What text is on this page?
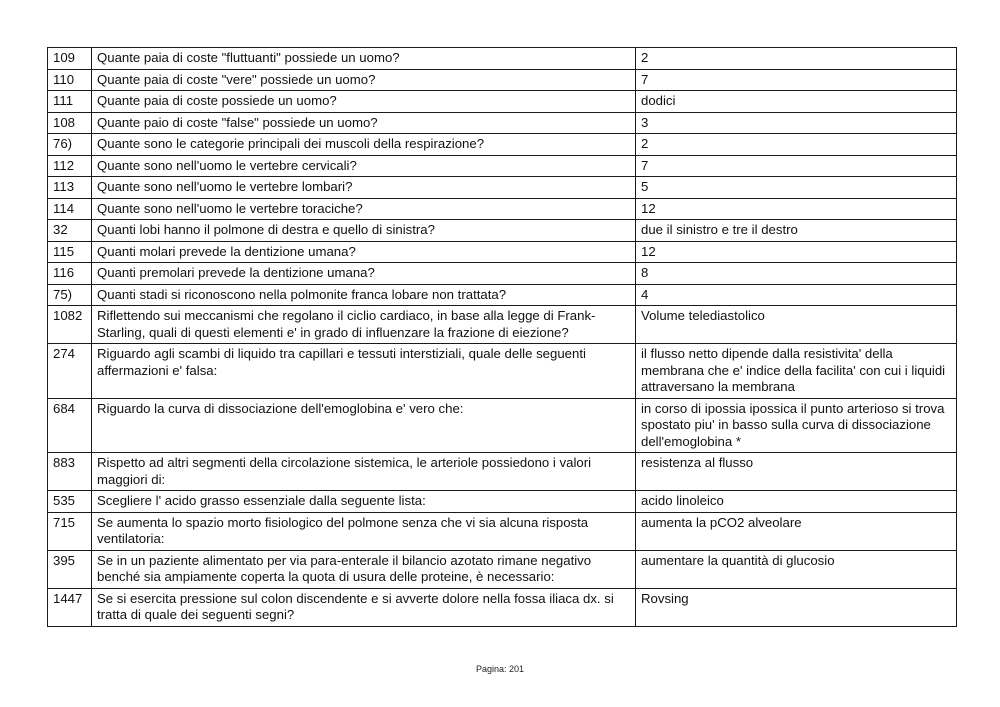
109	Quante paia di coste "fluttuanti" possiede un uomo?	2
110	Quante paia di coste "vere" possiede un uomo?	7
111	Quante paia di coste possiede un uomo?	dodici
108	Quante paio di coste "false" possiede un uomo?	3
76)	Quante sono le categorie principali dei muscoli della respirazione?	2
112	Quante sono nell'uomo le vertebre cervicali?	7
113	Quante sono nell'uomo le vertebre lombari?	5
114	Quante sono nell'uomo le vertebre toraciche?	12
32	Quanti lobi hanno il polmone di destra e quello di sinistra?	due il sinistro e tre il destro
115	Quanti molari prevede la dentizione umana?	12
116	Quanti premolari prevede la dentizione umana?	8
75)	Quanti stadi si riconoscono nella polmonite franca lobare non trattata?	4
1082	Riflettendo sui meccanismi che regolano il ciclio cardiaco, in base alla legge di Frank-Starling, quali di questi elementi e' in grado di influenzare la frazione di eiezione?	Volume telediastolico
274	Riguardo agli scambi di liquido tra capillari e tessuti interstiziali, quale delle seguenti affermazioni e' falsa:	il flusso netto dipende dalla resistivita' della membrana che e' indice della facilita' con cui i liquidi attraversano la membrana
684	Riguardo la curva di dissociazione dell'emoglobina e' vero che:	in corso di ipossia ipossica il punto arterioso si trova spostato piu' in basso sulla curva di dissociazione dell'emoglobina *
883	Rispetto ad altri segmenti della circolazione sistemica, le arteriole possiedono i valori maggiori di:	resistenza al flusso
535	Scegliere l' acido grasso essenziale dalla seguente lista:	acido linoleico
715	Se aumenta lo spazio morto fisiologico del polmone senza che vi sia alcuna risposta ventilatoria:	aumenta la pCO2 alveolare
395	Se in un paziente alimentato per via para-enterale il bilancio azotato rimane negativo benché sia ampiamente coperta la quota di usura delle proteine, è necessario:	aumentare la quantità di glucosio
1447	Se si esercita pressione sul colon discendente e si avverte dolore nella fossa iliaca dx. si tratta di quale dei seguenti segni?	Rovsing
Pagina: 201
